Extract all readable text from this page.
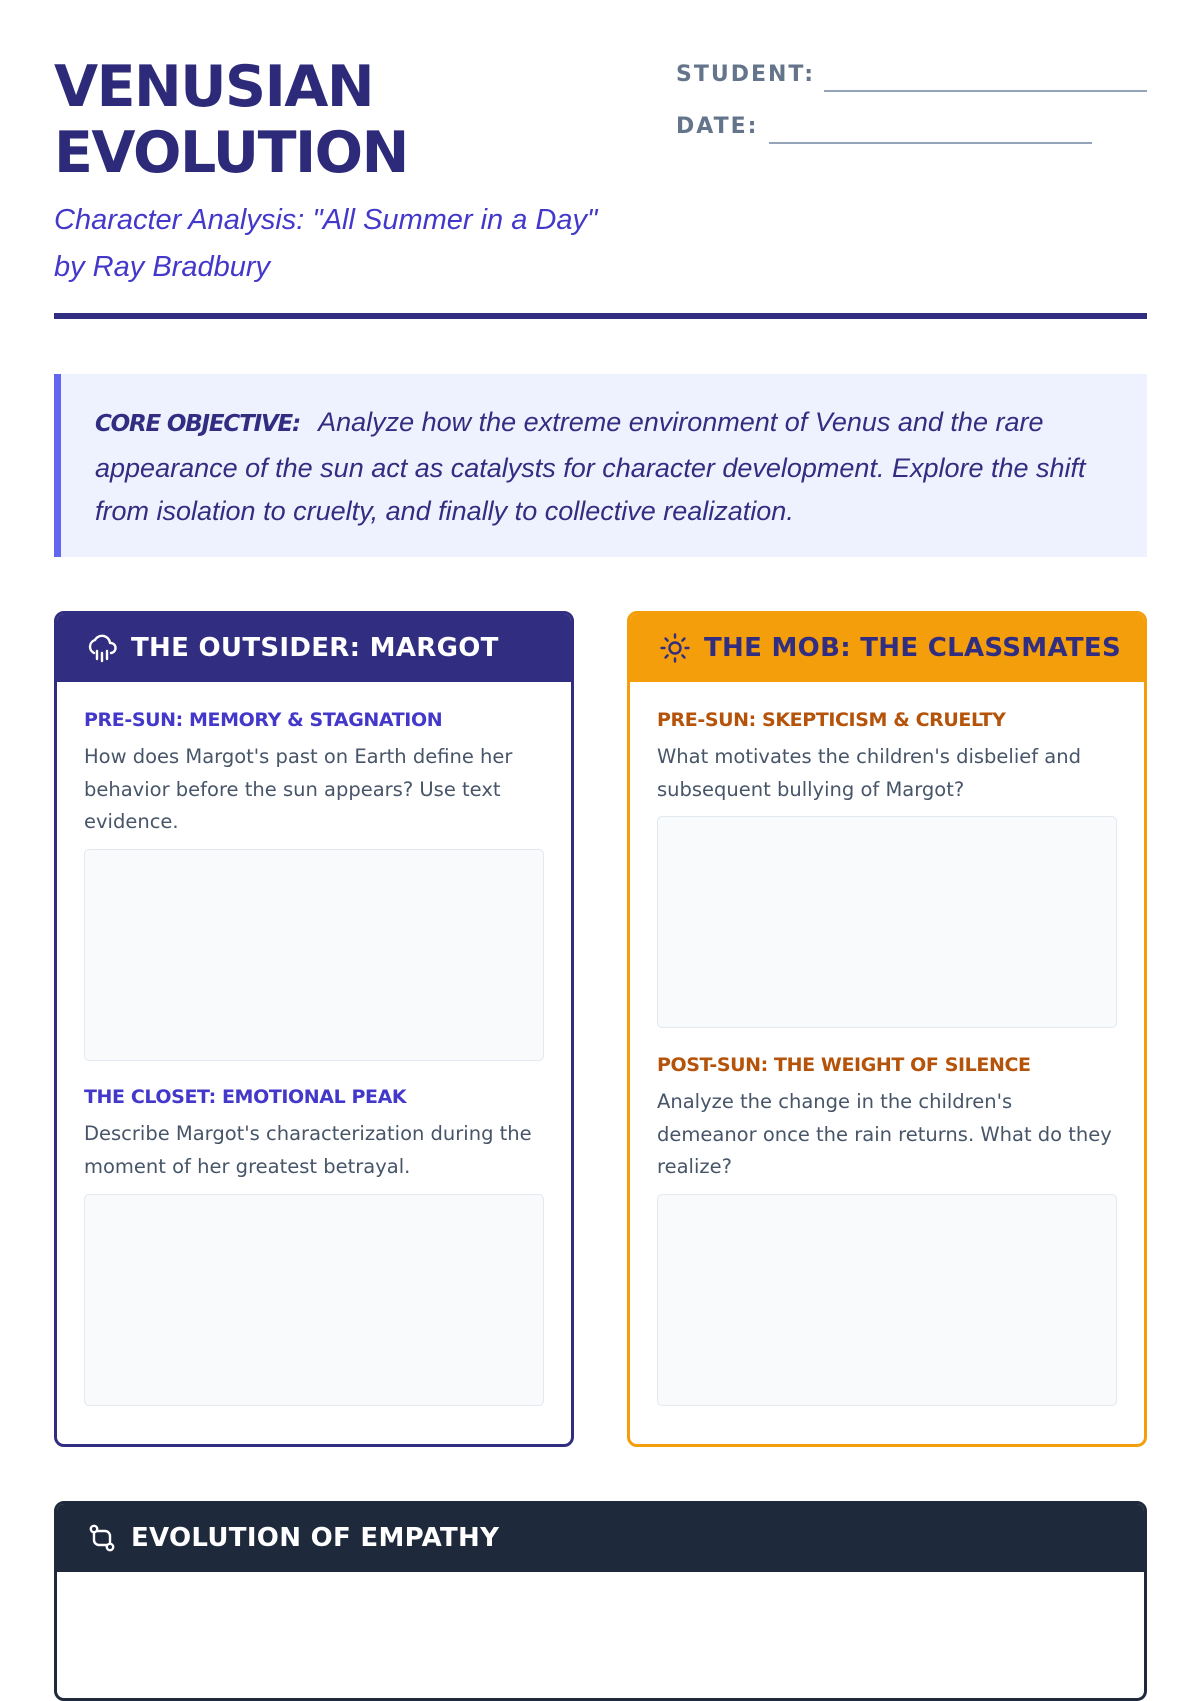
VENUSIAN
EVOLUTION
Character Analysis: "All Summer in a Day"
by Ray Bradbury
STUDENT:
DATE:
CORE OBJECTIVE: Analyze how the extreme environment of Venus and the rare appearance of the sun act as catalysts for character development. Explore the shift from isolation to cruelty, and finally to collective realization.
THE OUTSIDER: MARGOT
PRE-SUN: MEMORY & STAGNATION
How does Margot's past on Earth define her behavior before the sun appears? Use text evidence.
THE CLOSET: EMOTIONAL PEAK
Describe Margot's characterization during the moment of her greatest betrayal.
THE MOB: THE CLASSMATES
PRE-SUN: SKEPTICISM & CRUELTY
What motivates the children's disbelief and subsequent bullying of Margot?
POST-SUN: THE WEIGHT OF SILENCE
Analyze the change in the children's demeanor once the rain returns. What do they realize?
EVOLUTION OF EMPATHY
